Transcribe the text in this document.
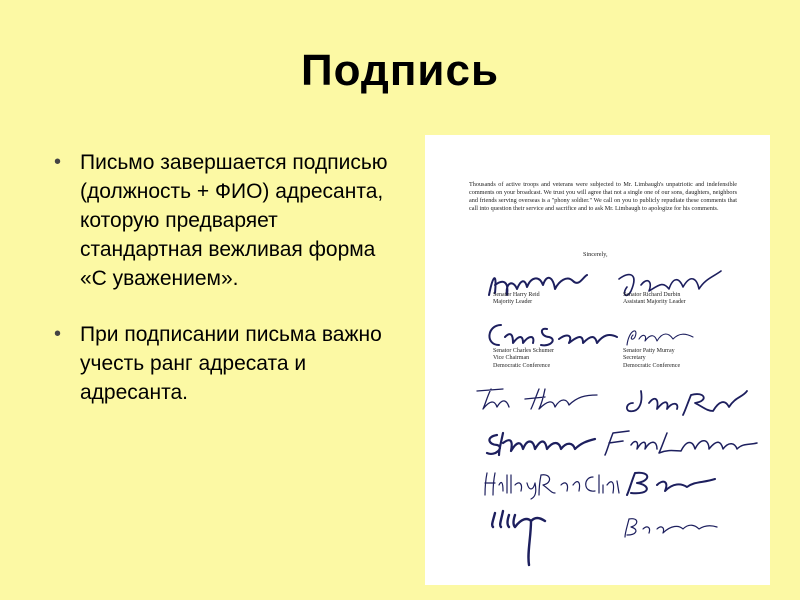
Подпись
• Письмо завершается подписью (должность + ФИО) адресанта, которую предваряет стандартная вежливая форма «С уважением».
• При подписании письма важно учесть ранг адресата и адресанта.
Thousands of active troops and veterans were subjected to Mr. Limbaugh's unpatriotic and indefensible comments on your broadcast. We trust you will agree that not a single one of our sons, daughters, neighbors and friends serving overseas is a "phony soldier." We call on you to publicly repudiate these comments that call into question their service and sacrifice and to ask Mr. Limbaugh to apologize for his comments.
Sincerely,
Senator Harry Reid
Majority Leader
Senator Richard Durbin
Assistant Majority Leader
Senator Charles Schumer
Vice Chairman
Democratic Conference
Senator Patty Murray
Secretary
Democratic Conference
